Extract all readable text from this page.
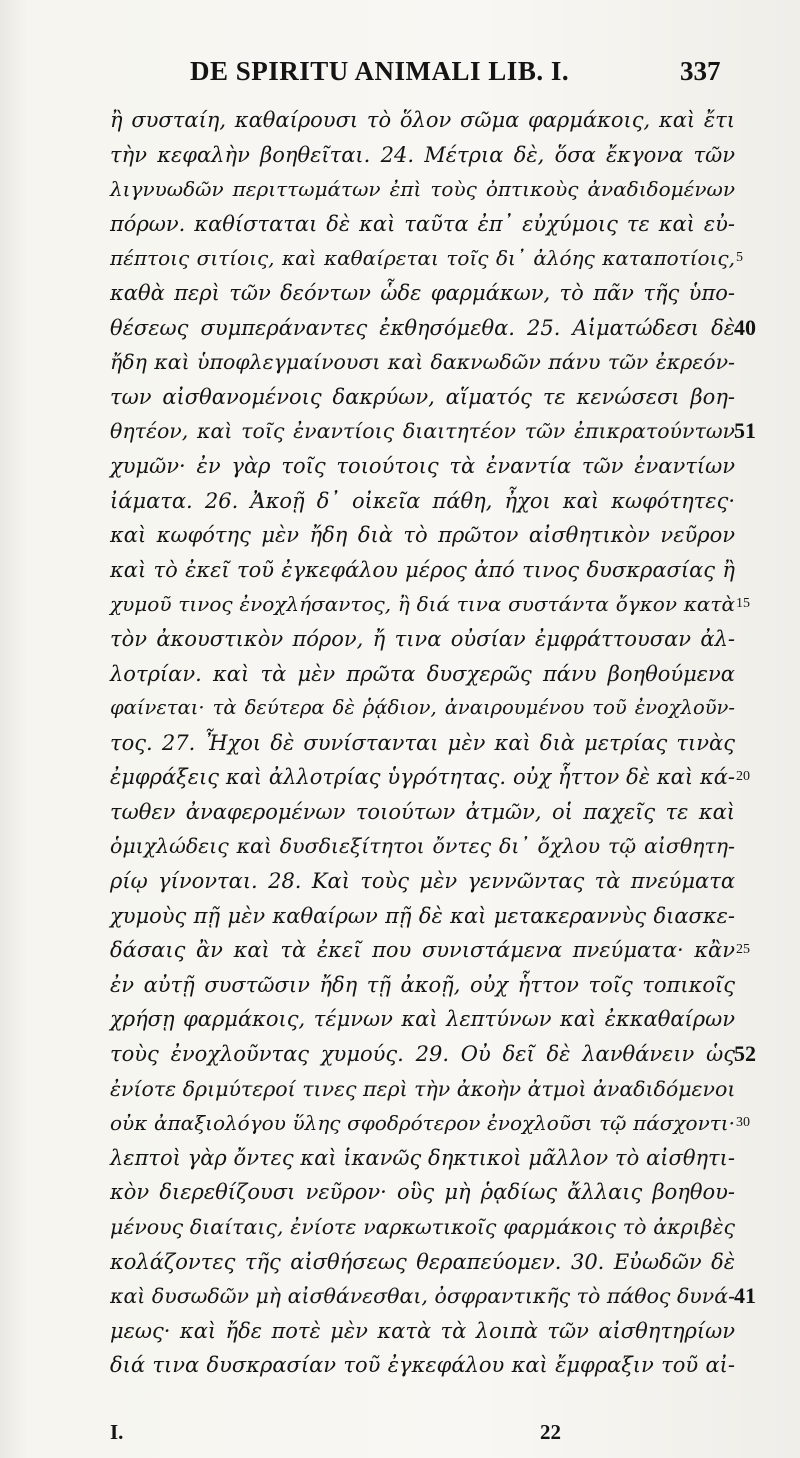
DE SPIRITU ANIMALI LIB. I.	337
ἢ συσταίη, καθαίρουσι τὸ ὅλον σῶμα φαρμάκοις, καὶ ἔτι
τὴν κεφαλὴν βοηθεῖται. 24. Μέτρια δὲ, ὅσα ἔκγονα τῶν
λιγνυωδῶν περιττωμάτων ἐπὶ τοὺς ὀπτικοὺς ἀναδιδομένων
πόρων. καθίσταται δὲ καὶ ταῦτα ἐπ᾽ εὐχύμοις τε καὶ εὐ-
πέπτοις σιτίοις, καὶ καθαίρεται τοῖς δι᾽ ἀλόης καταποτίοις, 5
καθὰ περὶ τῶν δεόντων ὧδε φαρμάκων, τὸ πᾶν τῆς ὑπο-
θέσεως συμπεράναντες ἐκθησόμεθα. 25. Αἱματώδεσι δὲ 40
ἤδη καὶ ὑποφλεγμαίνουσι καὶ δακνωδῶν πάνυ τῶν ἐκρεόν-
των αἰσθανομένοις δακρύων, αἵματός τε κενώσεσι βοη-
θητέον, καὶ τοῖς ἐναντίοις διαιτητέον τῶν ἐπικρατούντων 51
χυμῶν· ἐν γὰρ τοῖς τοιούτοις τὰ ἐναντία τῶν ἐναντίων
ἰάματα. 26. Ἀκοῇ δ᾽ οἰκεῖα πάθη, ἦχοι καὶ κωφότητες·
καὶ κωφότης μὲν ἤδη διὰ τὸ πρῶτον αἰσθητικὸν νεῦρον
καὶ τὸ ἐκεῖ τοῦ ἐγκεφάλου μέρος ἀπό τινος δυσκρασίας ἢ
χυμοῦ τινος ἐνοχλήσαντος, ἢ διά τινα συστάντα ὄγκον κατὰ 15
τὸν ἀκουστικὸν πόρον, ἤ τινα οὐσίαν ἐμφράττουσαν ἀλ-
λοτρίαν. καὶ τὰ μὲν πρῶτα δυσχερῶς πάνυ βοηθούμενα
φαίνεται· τὰ δεύτερα δὲ ῥᾴδιον, ἀναιρουμένου τοῦ ἐνοχλοῦν-
τος. 27. Ἦχοι δὲ συνίστανται μὲν καὶ διὰ μετρίας τινὰς
ἐμφράξεις καὶ ἀλλοτρίας ὑγρότητας. οὐχ ἧττον δὲ καὶ κά- 20
τωθεν ἀναφερομένων τοιούτων ἀτμῶν, οἱ παχεῖς τε καὶ
ὁμιχλώδεις καὶ δυσδιεξίτητοι ὄντες δι᾽ ὄχλου τῷ αἰσθητη-
ρίῳ γίνονται. 28. Καὶ τοὺς μὲν γεννῶντας τὰ πνεύματα
χυμοὺς πῇ μὲν καθαίρων πῇ δὲ καὶ μετακεραννὺς διασκε-
δάσαις ἂν καὶ τὰ ἐκεῖ που συνιστάμενα πνεύματα· κἂν 25
ἐν αὐτῇ συστῶσιν ἤδη τῇ ἀκοῇ, οὐχ ἧττον τοῖς τοπικοῖς
χρήσῃ φαρμάκοις, τέμνων καὶ λεπτύνων καὶ ἐκκαθαίρων
τοὺς ἐνοχλοῦντας χυμούς. 29. Οὐ δεῖ δὲ λανθάνειν ὡς 52
ἐνίοτε δριμύτεροί τινες περὶ τὴν ἀκοὴν ἀτμοὶ ἀναδιδόμενοι
οὐκ ἀπαξιολόγου ὕλης σφοδρότερον ἐνοχλοῦσι τῷ πάσχοντι· 30
λεπτοὶ γὰρ ὄντες καὶ ἱκανῶς δηκτικοὶ μᾶλλον τὸ αἰσθητι-
κὸν διερεθίζουσι νεῦρον· οὓς μὴ ῥᾳδίως ἄλλαις βοηθου-
μένους διαίταις, ἐνίοτε ναρκωτικοῖς φαρμάκοις τὸ ἀκριβὲς
κολάζοντες τῆς αἰσθήσεως θεραπεύομεν. 30. Εὐωδῶν δὲ
καὶ δυσωδῶν μὴ αἰσθάνεσθαι, ὀσφραντικῆς τὸ πάθος δυνά- 41
μεως· καὶ ἤδε ποτὲ μὲν κατὰ τὰ λοιπὰ τῶν αἰσθητηρίων
διά τινα δυσκρασίαν τοῦ ἐγκεφάλου καὶ ἔμφραξιν τοῦ αἰ-
I.	22
